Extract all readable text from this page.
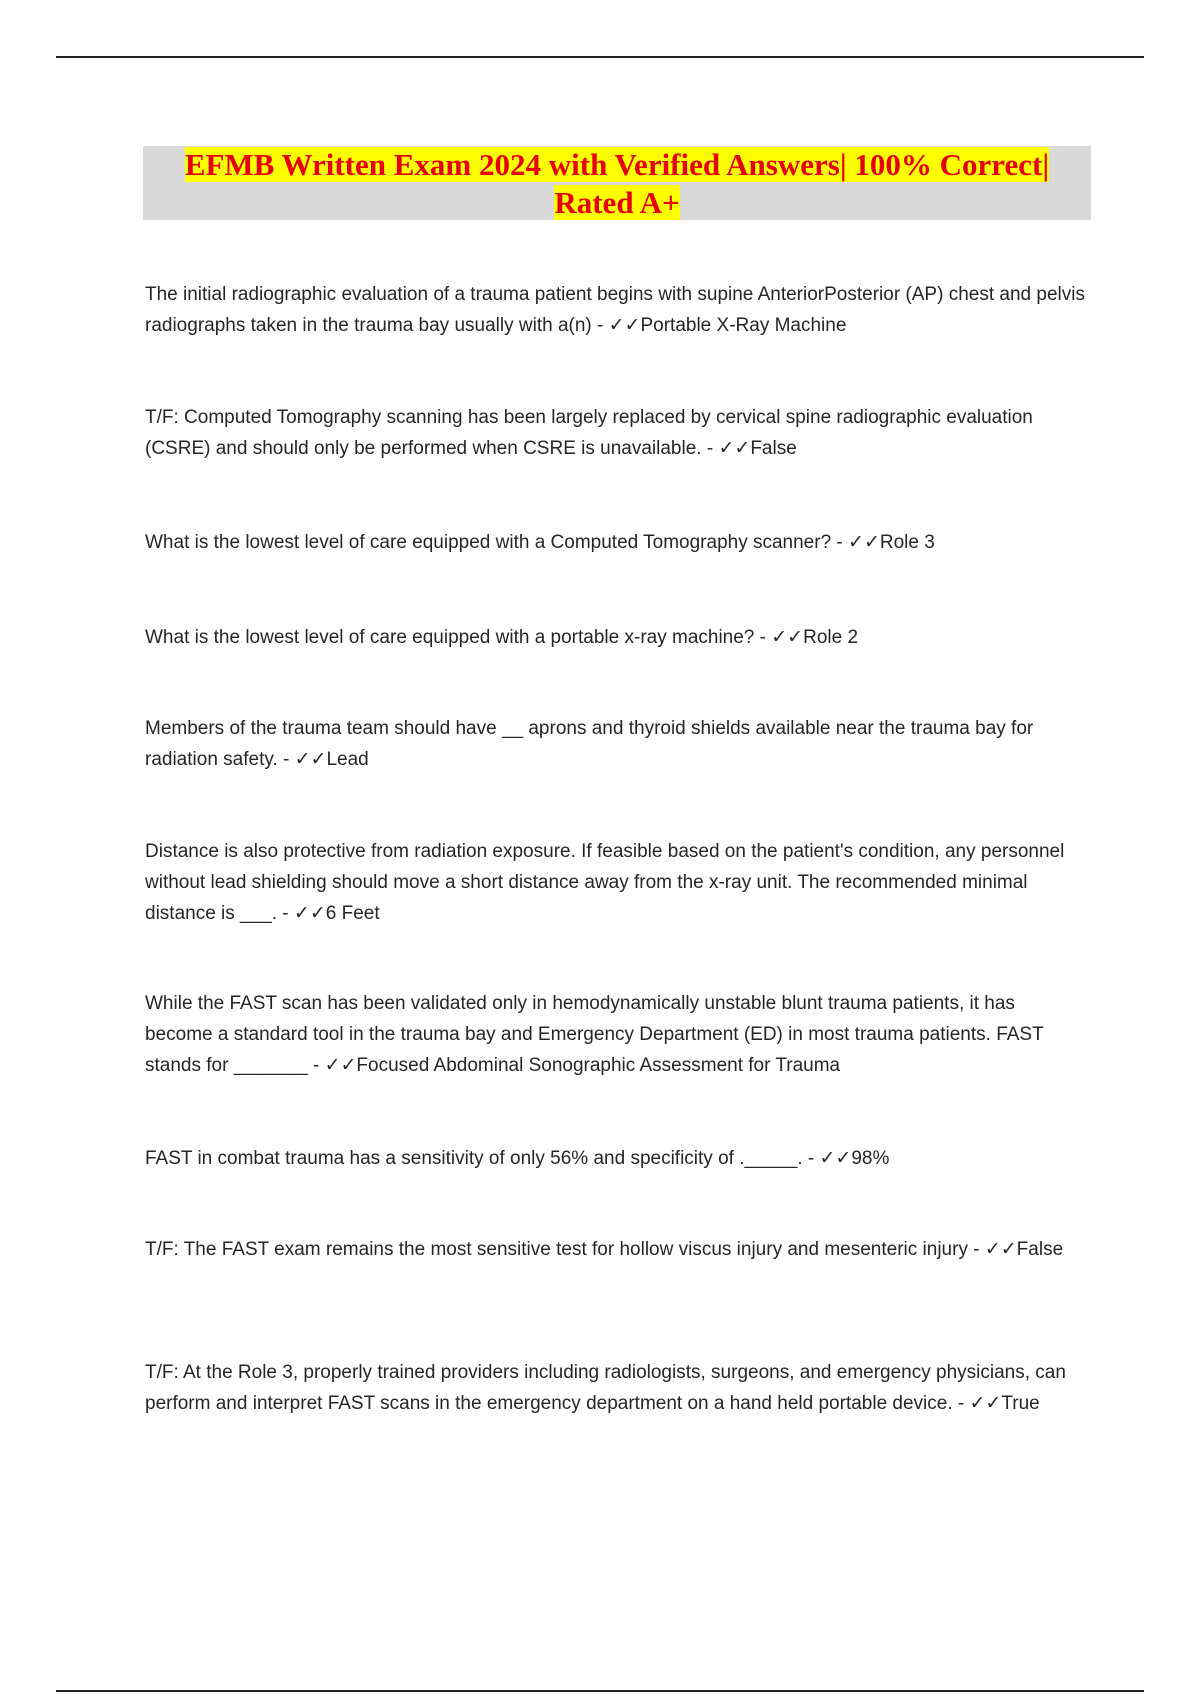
EFMB Written Exam 2024 with Verified Answers| 100% Correct|
Rated A+
The initial radiographic evaluation of a trauma patient begins with supine AnteriorPosterior (AP) chest and pelvis radiographs taken in the trauma bay usually with a(n) - ✓✓Portable X-Ray Machine
T/F: Computed Tomography scanning has been largely replaced by cervical spine radiographic evaluation (CSRE) and should only be performed when CSRE is unavailable. - ✓✓False
What is the lowest level of care equipped with a Computed Tomography scanner? - ✓✓Role 3
What is the lowest level of care equipped with a portable x-ray machine? - ✓✓Role 2
Members of the trauma team should have __ aprons and thyroid shields available near the trauma bay for radiation safety. - ✓✓Lead
Distance is also protective from radiation exposure. If feasible based on the patient's condition, any personnel without lead shielding should move a short distance away from the x-ray unit. The recommended minimal distance is ___. - ✓✓6 Feet
While the FAST scan has been validated only in hemodynamically unstable blunt trauma patients, it has become a standard tool in the trauma bay and Emergency Department (ED) in most trauma patients. FAST stands for _______ - ✓✓Focused Abdominal Sonographic Assessment for Trauma
FAST in combat trauma has a sensitivity of only 56% and specificity of ._____. - ✓✓98%
T/F: The FAST exam remains the most sensitive test for hollow viscus injury and mesenteric injury - ✓✓False
T/F: At the Role 3, properly trained providers including radiologists, surgeons, and emergency physicians, can perform and interpret FAST scans in the emergency department on a hand held portable device. - ✓✓True
